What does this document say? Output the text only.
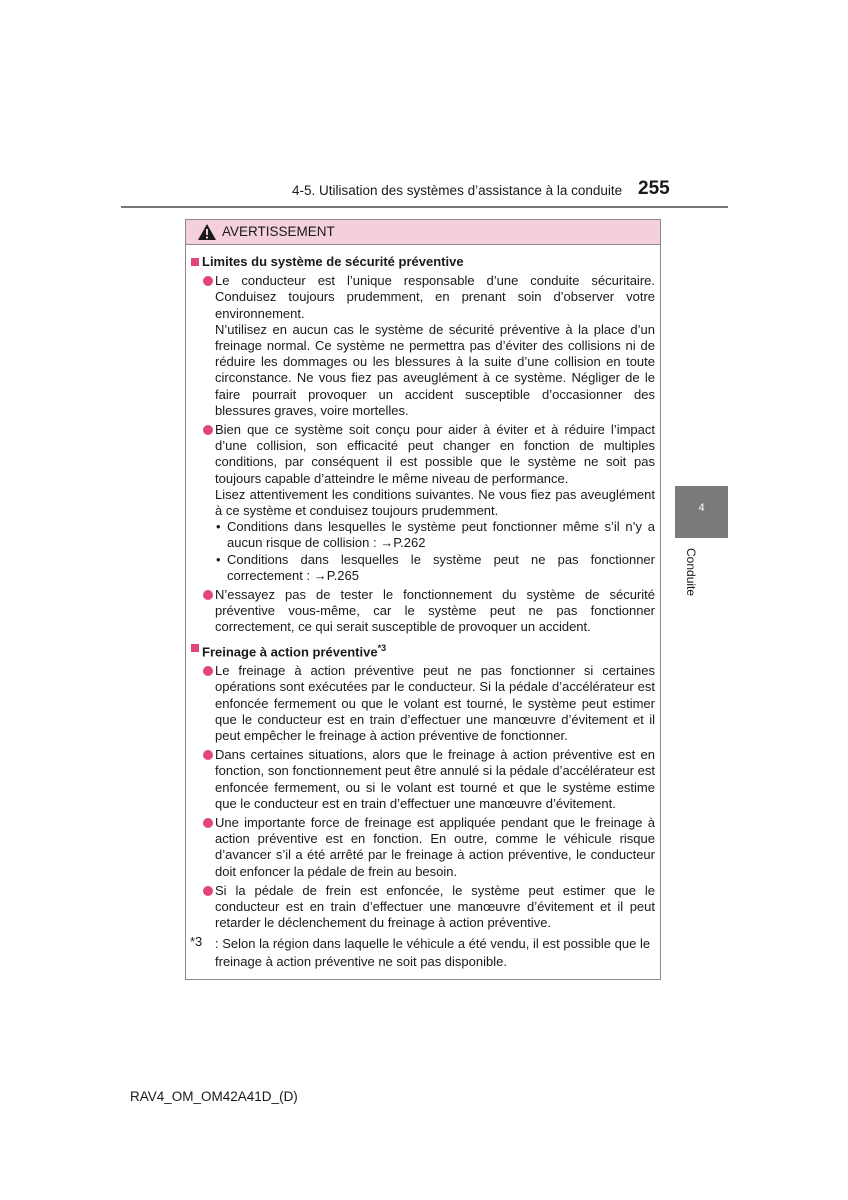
4-5. Utilisation des systèmes d’assistance à la conduite 255
4
Conduite
AVERTISSEMENT
Limites du système de sécurité préventive
Le conducteur est l’unique responsable d’une conduite sécuritaire. Conduisez toujours prudemment, en prenant soin d’observer votre environnement.
N’utilisez en aucun cas le système de sécurité préventive à la place d’un freinage normal. Ce système ne permettra pas d’éviter des collisions ni de réduire les dommages ou les blessures à la suite d’une collision en toute circonstance. Ne vous fiez pas aveuglément à ce système. Négliger de le faire pourrait provoquer un accident susceptible d’occasionner des blessures graves, voire mortelles.
Bien que ce système soit conçu pour aider à éviter et à réduire l’impact d’une collision, son efficacité peut changer en fonction de multiples conditions, par conséquent il est possible que le système ne soit pas toujours capable d’atteindre le même niveau de performance.
Lisez attentivement les conditions suivantes. Ne vous fiez pas aveuglément à ce système et conduisez toujours prudemment.
• Conditions dans lesquelles le système peut fonctionner même s’il n’y a aucun risque de collision : →P.262
• Conditions dans lesquelles le système peut ne pas fonctionner correctement : →P.265
N’essayez pas de tester le fonctionnement du système de sécurité préventive vous-même, car le système peut ne pas fonctionner correctement, ce qui serait susceptible de provoquer un accident.
Freinage à action préventive$^{*3}$
Le freinage à action préventive peut ne pas fonctionner si certaines opérations sont exécutées par le conducteur. Si la pédale d’accélérateur est enfoncée fermement ou que le volant est tourné, le système peut estimer que le conducteur est en train d’effectuer une manœuvre d’évitement et il peut empêcher le freinage à action préventive de fonctionner.
Dans certaines situations, alors que le freinage à action préventive est en fonction, son fonctionnement peut être annulé si la pédale d’accélérateur est enfoncée fermement, ou si le volant est tourné et que le système estime que le conducteur est en train d’effectuer une manœuvre d’évitement.
Une importante force de freinage est appliquée pendant que le freinage à action préventive est en fonction. En outre, comme le véhicule risque d’avancer s’il a été arrêté par le freinage à action préventive, le conducteur doit enfoncer la pédale de frein au besoin.
Si la pédale de frein est enfoncée, le système peut estimer que le conducteur est en train d’effectuer une manœuvre d’évitement et il peut retarder le déclenchement du freinage à action préventive.
*3 : Selon la région dans laquelle le véhicule a été vendu, il est possible que le freinage à action préventive ne soit pas disponible.
RAV4_OM_OM42A41D_(D)
